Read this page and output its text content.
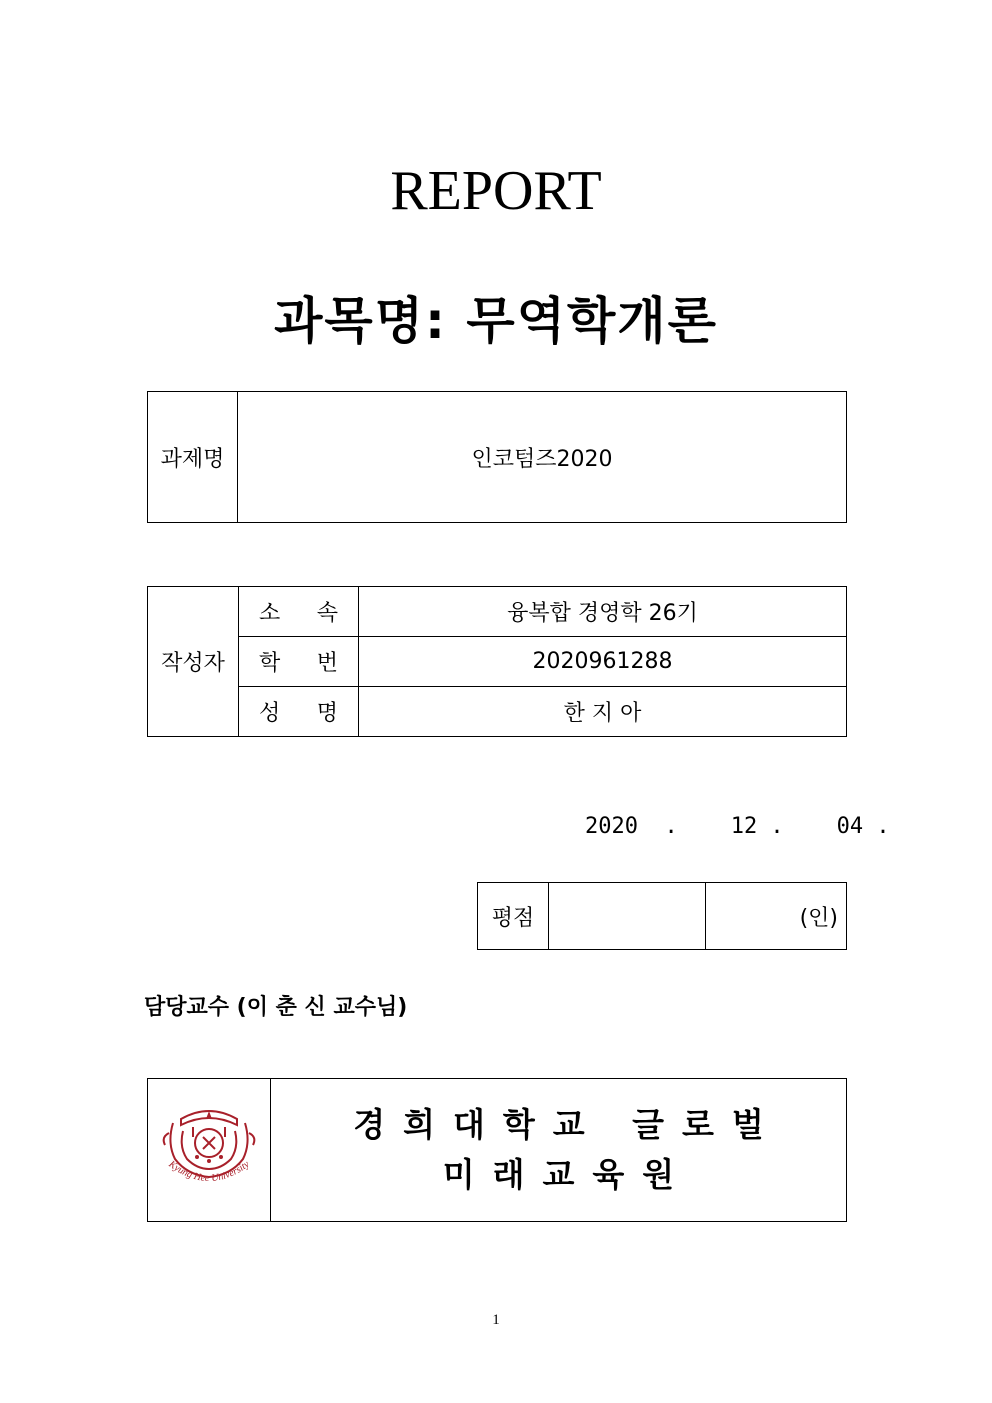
REPORT
과목명: 무역학개론
과제명	인코텀즈2020
작성자	소 속	융복합 경영학 26기

	학 번	2020961288

	성 명	한 지 아
2020  .    12 .    04 .
평점		(인)
담당교수 (이 춘 신 교수님)
Kyung Hee University

경희대학교 글로벌
미래교육원
1
